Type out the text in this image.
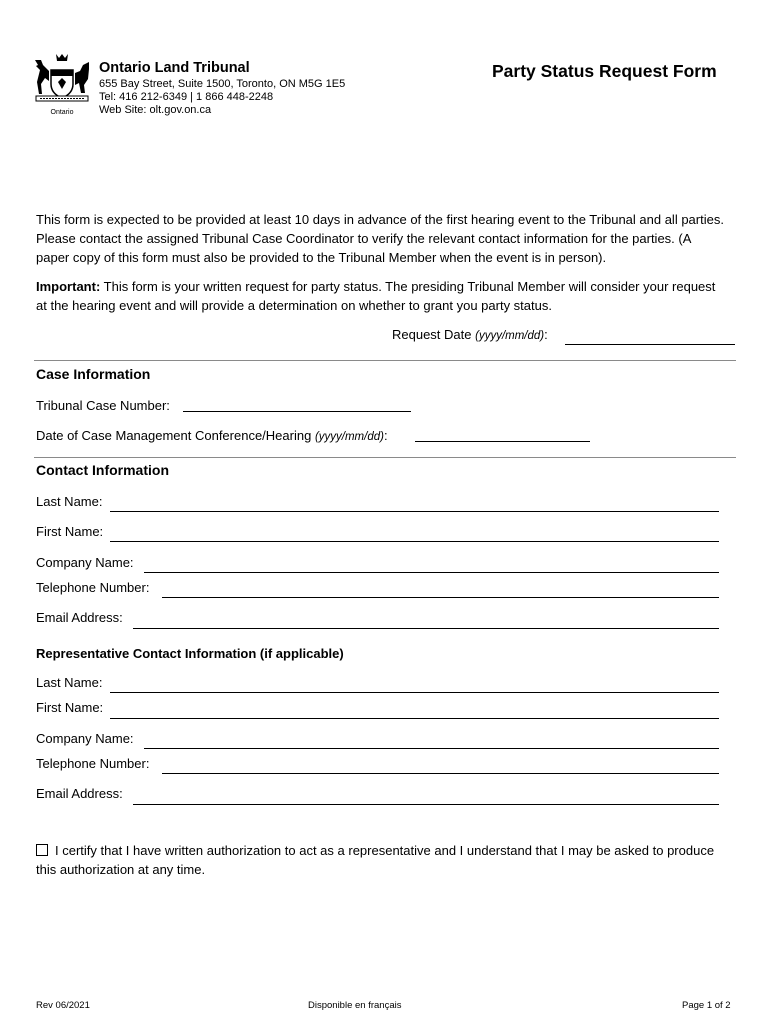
Ontario
Ontario Land Tribunal
655 Bay Street, Suite 1500, Toronto, ON M5G 1E5
Tel: 416 212-6349 | 1 866 448-2248
Web Site: olt.gov.on.ca
Party Status Request Form
This form is expected to be provided at least 10 days in advance of the first hearing event to the Tribunal and all parties. Please contact the assigned Tribunal Case Coordinator to verify the relevant contact information for the parties. (A paper copy of this form must also be provided to the Tribunal Member when the event is in person).
Important: This form is your written request for party status. The presiding Tribunal Member will consider your request at the hearing event and will provide a determination on whether to grant you party status.
Request Date (yyyy/mm/dd):
Case Information
Tribunal Case Number:
Date of Case Management Conference/Hearing (yyyy/mm/dd):
Contact Information
Last Name:
First Name:
Company Name:
Telephone Number:
Email Address:
Representative Contact Information (if applicable)
Last Name:
First Name:
Company Name:
Telephone Number:
Email Address:
I certify that I have written authorization to act as a representative and I understand that I may be asked to produce this authorization at any time.
Rev 06/2021	Disponible en français	Page 1 of 2
